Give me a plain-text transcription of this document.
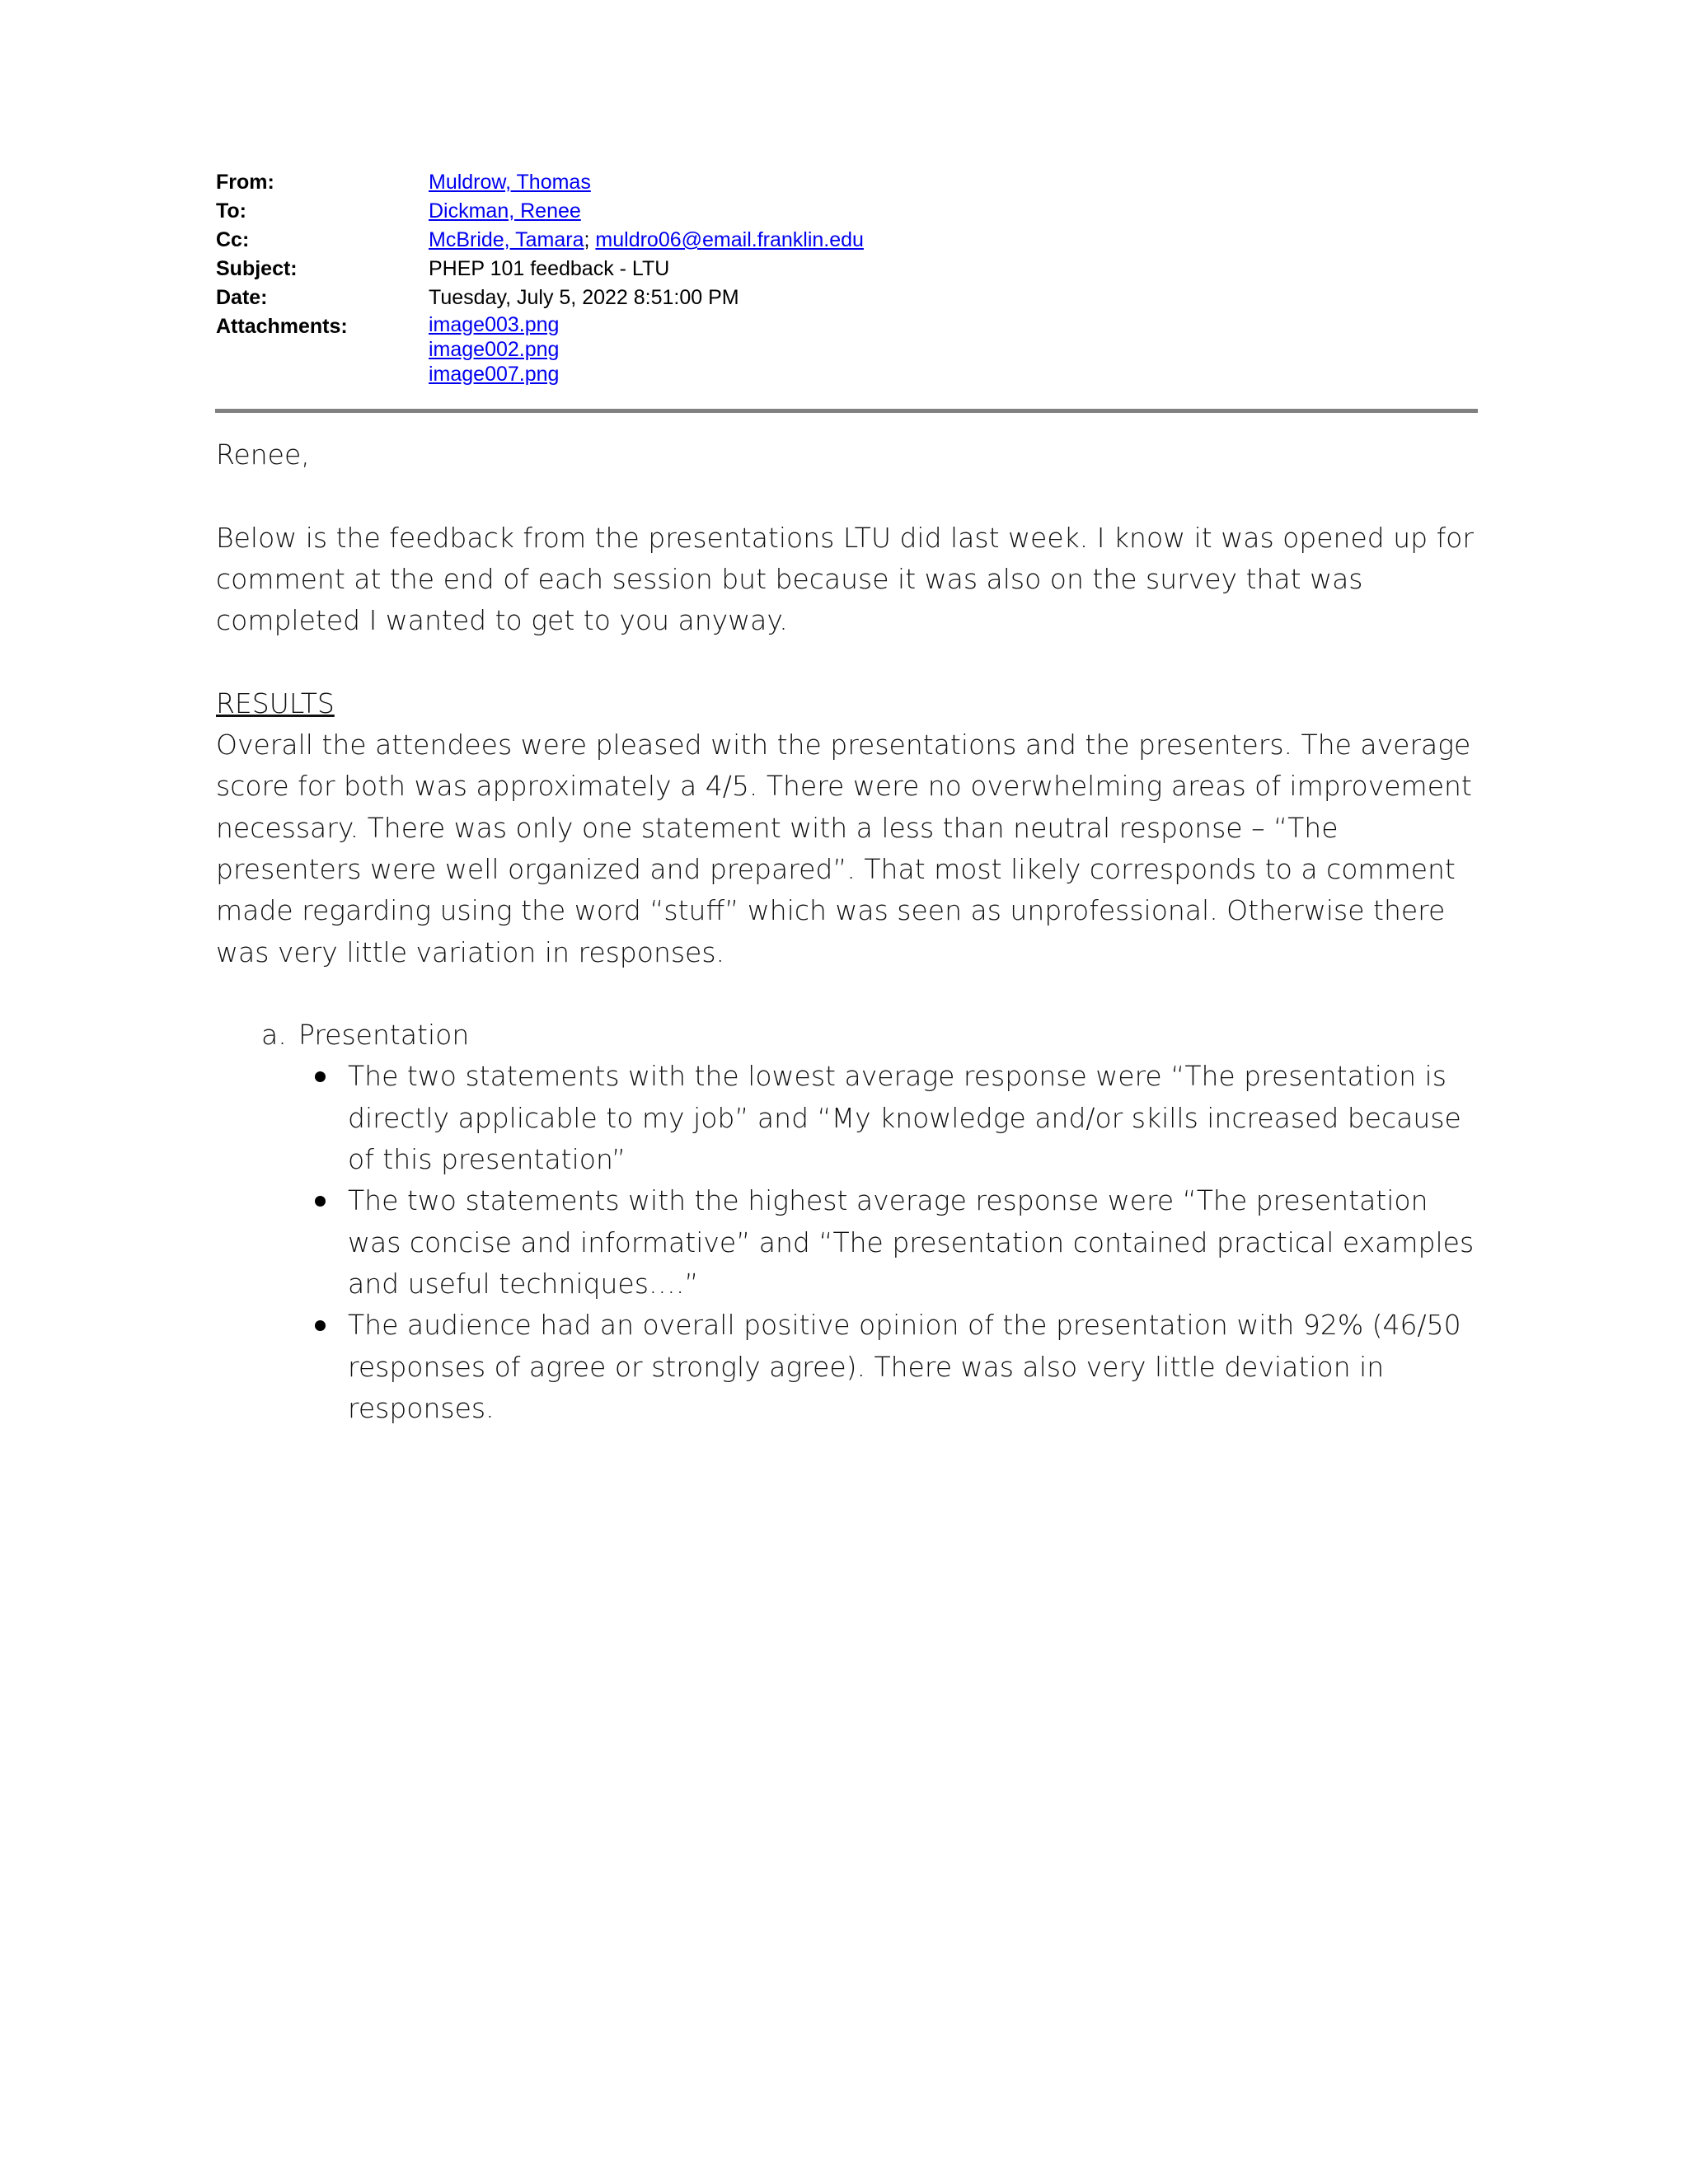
From:	Muldrow, Thomas
To:	Dickman, Renee
Cc:	McBride, Tamara; muldro06@email.franklin.edu
Subject:	PHEP 101 feedback - LTU
Date:	Tuesday, July 5, 2022 8:51:00 PM
Attachments:	image003.png
image002.png
image007.png

Renee,

Below is the feedback from the presentations LTU did last week. I know it was opened up for comment at the end of each session but because it was also on the survey that was completed I wanted to get to you anyway.

RESULTS

Overall the attendees were pleased with the presentations and the presenters. The average score for both was approximately a 4/5. There were no overwhelming areas of improvement necessary. There was only one statement with a less than neutral response – “The presenters were well organized and prepared”. That most likely corresponds to a comment made regarding using the word “stuff” which was seen as unprofessional. Otherwise there was very little variation in responses.

a. Presentation

The two statements with the lowest average response were “The presentation is directly applicable to my job” and “My knowledge and/or skills increased because of this presentation”
The two statements with the highest average response were “The presentation was concise and informative” and “The presentation contained practical examples and useful techniques….”
The audience had an overall positive opinion of the presentation with 92% (46/50 responses of agree or strongly agree). There was also very little deviation in responses.
